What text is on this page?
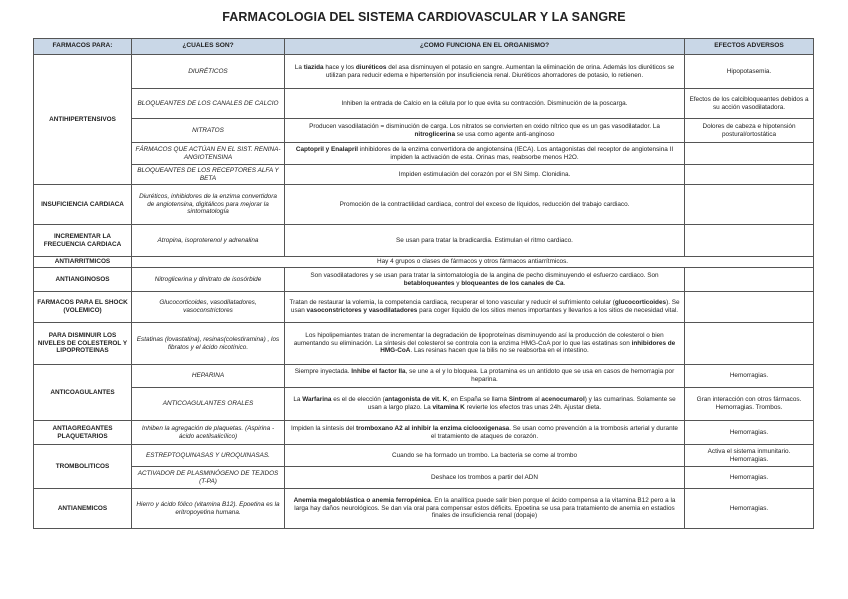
FARMACOLOGIA DEL SISTEMA CARDIOVASCULAR Y LA SANGRE
FARMACOS PARA:	¿CUALES SON?	¿COMO FUNCIONA EN EL ORGANISMO?	EFECTOS ADVERSOS
ANTIHIPERTENSIVOS	DIURÉTICOS	La tiazida hace y los diuréticos del asa disminuyen el potasio en sangre. Aumentan la eliminación de orina. Además los diuréticos se utilizan para reducir edema e hipertensión por insuficiencia renal. Diuréticos ahorradores de potasio, lo retienen.	Hipopotasemia.
	BLOQUEANTES DE LOS CANALES DE CALCIO	Inhiben la entrada de Calcio en la célula por lo que evita su contracción. Disminución de la poscarga.	Efectos de los calcibloqueantes debidos a su acción vasodilatadora.
	NITRATOS	Producen vasodilatación = disminución de carga. Los nitratos se convierten en oxido nítrico que es un gas vasodilatador. La nitroglicerina se usa como agente anti-anginoso	Dolores de cabeza e hipotensión postural/ortostática
	FÁRMACOS QUE ACTÚAN EN EL SIST. RENINA-ANGIOTENSINA	Captopril y Enalapril inhibidores de la enzima convertidora de angiotensina (IECA). Los antagonistas del receptor de angiotensina II impiden la activación de esta. Orinas mas, reabsorbe menos H2O.	
	BLOQUEANTES DE LOS RECEPTORES ALFA Y BETA	Impiden estimulación del corazón por el SN Simp. Clonidina.	
INSUFICIENCIA CARDIACA	Diuréticos, inhibidores de la enzima convertidora de angiotensina, digitálicos para mejorar la sintomatología	Promoción de la contractilidad cardiaca, control del exceso de líquidos, reducción del trabajo cardiaco.	
INCREMENTAR LA FRECUENCIA CARDIACA	Atropina, isoproterenol y adrenalina	Se usan para tratar la bradicardia. Estimulan el ritmo cardiaco.	
ANTIARRITMICOS	Hay 4 grupos o clases de fármacos y otros fármacos antiarrítmicos.		
ANTIANGINOSOS	Nitroglicerina y dinitrato de isosórbide	Son vasodilatadores y se usan para tratar la sintomatología de la angina de pecho disminuyendo el esfuerzo cardiaco. Son betabloqueantes y bloqueantes de los canales de Ca.	
FARMACOS PARA EL SHOCK (VOLEMICO)	Glucocorticoides, vasodilatadores, vasoconstrictores	Tratan de restaurar la volemia, la competencia cardiaca, recuperar el tono vascular y reducir el sufrimiento celular (glucocorticoides). Se usan vasoconstrictores y vasodilatadores para coger líquido de los sitios menos importantes y llevarlos a los sitios de necesidad vital.	
PARA DISMINUIR LOS NIVELES DE COLESTEROL Y LIPOPROTEINAS	Estatinas (lovastatina), resinas(colestiramina) , los fibratos y el ácido nicotínico.	Los hipolipemiantes tratan de incrementar la degradación de lipoproteínas disminuyendo así la producción de colesterol o bien aumentando su eliminación. La síntesis del colesterol se controla con la enzima HMG-CoA por lo que las estatinas son inhibidores de HMG-CoA. Las resinas hacen que la bilis no se reabsorba en el intestino.	
ANTICOAGULANTES	HEPARINA	Siempre inyectada. Inhibe el factor IIa, se une a el y lo bloquea. La protamina es un antídoto que se usa en casos de hemorragia por heparina.	Hemorragias.
	ANTICOAGULANTES ORALES	La Warfarina es el de elección (antagonista de vit. K, en España se llama Sintrom al acenocumarol) y las cumarinas. Solamente se usan a largo plazo. La vitamina K revierte los efectos tras unas 24h. Ajustar dieta.	Gran interacción con otros fármacos. Hemorragias. Trombos.
ANTIAGREGANTES PLAQUETARIOS	Inhiben la agregación de plaquetas. (Aspirina - ácido acetilsalicílico)	Impiden la síntesis del tromboxano A2 al inhibir la enzima ciclooxigenasa. Se usan como prevención a la trombosis arterial y durante el tratamiento de ataques de corazón.	Hemorragias.
TROMBOLITICOS	ESTREPTOQUINASAS Y UROQUINASAS.	Cuando se ha formado un trombo. La bacteria se come al trombo	Activa el sistema inmunitario. Hemorragias.
	ACTIVADOR DE PLASMINÓGENO DE TEJIDOS (T-PA)	Deshace los trombos a partir del ADN	Hemorragias.
ANTIANEMICOS	Hierro y ácido fólico (vitamina B12). Epoetina es la eritropoyetina humana.	Anemia megaloblástica o anemia ferropénica. En la analítica puede salir bien porque el ácido compensa a la vitamina B12 pero a la larga hay daños neurológicos. Se dan vía oral para compensar estos déficits. Epoetina se usa para tratamiento de anemia en estadios finales de insuficiencia renal (dopaje)	Hemorragias.
